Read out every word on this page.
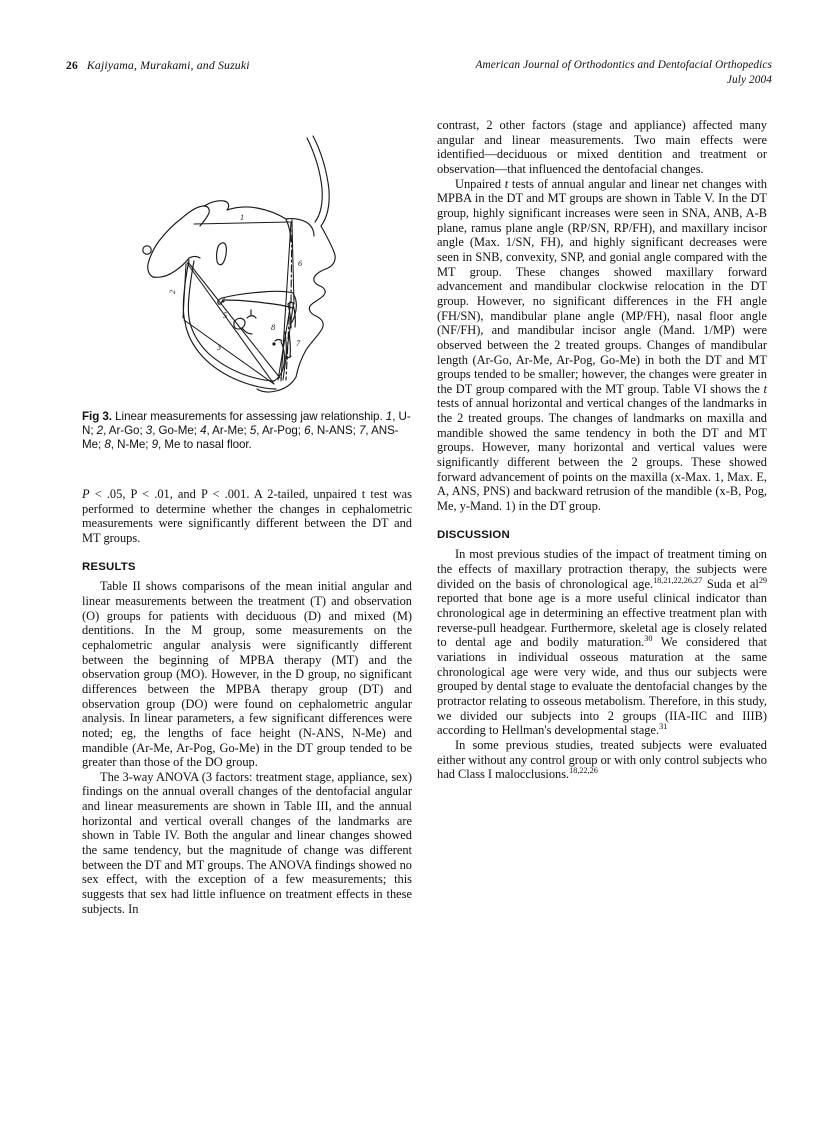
26 Kajiyama, Murakami, and Suzuki	American Journal of Orthodontics and Dentofacial Orthopedics
July 2004
1
2
3
4
5
6
7
8
9
Fig 3. Linear measurements for assessing jaw relationship. 1, U-N; 2, Ar-Go; 3, Go-Me; 4, Ar-Me; 5, Ar-Pog; 6, N-ANS; 7, ANS-Me; 8, N-Me; 9, Me to nasal floor.

P < .05, P < .01, and P < .001. A 2-tailed, unpaired t test was performed to determine whether the changes in cephalometric measurements were significantly different between the DT and MT groups.

RESULTS

Table II shows comparisons of the mean initial angular and linear measurements between the treatment (T) and observation (O) groups for patients with deciduous (D) and mixed (M) dentitions. In the M group, some measurements on the cephalometric angular analysis were significantly different between the beginning of MPBA therapy (MT) and the observation group (MO). However, in the D group, no significant differences between the MPBA therapy group (DT) and observation group (DO) were found on cephalometric angular analysis. In linear parameters, a few significant differences were noted; eg, the lengths of face height (N-ANS, N-Me) and mandible (Ar-Me, Ar-Pog, Go-Me) in the DT group tended to be greater than those of the DO group.

The 3-way ANOVA (3 factors: treatment stage, appliance, sex) findings on the annual overall changes of the dentofacial angular and linear measurements are shown in Table III, and the annual horizontal and vertical overall changes of the landmarks are shown in Table IV. Both the angular and linear changes showed the same tendency, but the magnitude of change was different between the DT and MT groups. The ANOVA findings showed no sex effect, with the exception of a few measurements; this suggests that sex had little influence on treatment effects in these subjects. In

contrast, 2 other factors (stage and appliance) affected many angular and linear measurements. Two main effects were identified—deciduous or mixed dentition and treatment or observation—that influenced the dentofacial changes.

Unpaired t tests of annual angular and linear net changes with MPBA in the DT and MT groups are shown in Table V. In the DT group, highly significant increases were seen in SNA, ANB, A-B plane, ramus plane angle (RP/SN, RP/FH), and maxillary incisor angle (Max. 1/SN, FH), and highly significant decreases were seen in SNB, convexity, SNP, and gonial angle compared with the MT group. These changes showed maxillary forward advancement and mandibular clockwise relocation in the DT group. However, no significant differences in the FH angle (FH/SN), mandibular plane angle (MP/FH), nasal floor angle (NF/FH), and mandibular incisor angle (Mand. 1/MP) were observed between the 2 treated groups. Changes of mandibular length (Ar-Go, Ar-Me, Ar-Pog, Go-Me) in both the DT and MT groups tended to be smaller; however, the changes were greater in the DT group compared with the MT group. Table VI shows the t tests of annual horizontal and vertical changes of the landmarks in the 2 treated groups. The changes of landmarks on maxilla and mandible showed the same tendency in both the DT and MT groups. However, many horizontal and vertical values were significantly different between the 2 groups. These showed forward advancement of points on the maxilla (x-Max. 1, Max. E, A, ANS, PNS) and backward retrusion of the mandible (x-B, Pog, Me, y-Mand. 1) in the DT group.

DISCUSSION

In most previous studies of the impact of treatment timing on the effects of maxillary protraction therapy, the subjects were divided on the basis of chronological age.$^{18,21,22,26,27}$ Suda et $al^{29}$ reported that bone age is a more useful clinical indicator than chronological age in determining an effective treatment plan with reverse-pull headgear. Furthermore, skeletal age is closely related to dental age and bodily maturation.$^{30}$ We considered that variations in individual osseous maturation at the same chronological age were very wide, and thus our subjects were grouped by dental stage to evaluate the dentofacial changes by the protractor relating to osseous metabolism. Therefore, in this study, we divided our subjects into 2 groups (IIA-IIC and IIIB) according to Hellman's developmental stage.$^{31}$

In some previous studies, treated subjects were evaluated either without any control group or with only control subjects who had Class I malocclusions.$^{18,22,26}$
